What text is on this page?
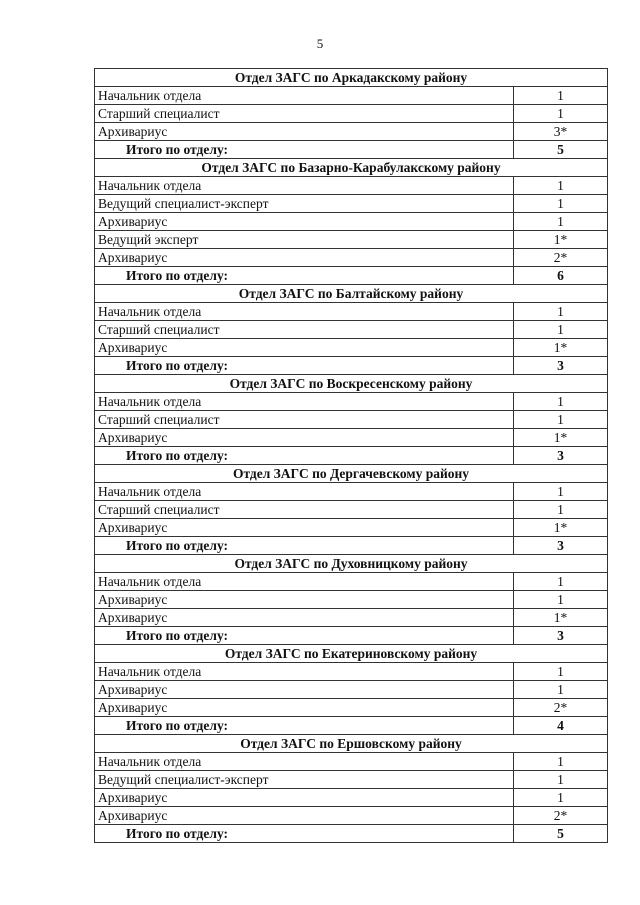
5
Отдел ЗАГС по Аркадакскому району	
Начальник отдела	1
Старший специалист	1
Архивариус	3*
Итого по отделу:	5
Отдел ЗАГС по Базарно-Карабулакскому району	
Начальник отдела	1
Ведущий специалист-эксперт	1
Архивариус	1
Ведущий эксперт	1*
Архивариус	2*
Итого по отделу:	6
Отдел ЗАГС по Балтайскому району	
Начальник отдела	1
Старший специалист	1
Архивариус	1*
Итого по отделу:	3
Отдел ЗАГС по Воскресенскому району	
Начальник отдела	1
Старший специалист	1
Архивариус	1*
Итого по отделу:	3
Отдел ЗАГС по Дергачевскому району	
Начальник отдела	1
Старший специалист	1
Архивариус	1*
Итого по отделу:	3
Отдел ЗАГС по Духовницкому району	
Начальник отдела	1
Архивариус	1
Архивариус	1*
Итого по отделу:	3
Отдел ЗАГС по Екатериновскому району	
Начальник отдела	1
Архивариус	1
Архивариус	2*
Итого по отделу:	4
Отдел ЗАГС по Ершовскому району	
Начальник отдела	1
Ведущий специалист-эксперт	1
Архивариус	1
Архивариус	2*
Итого по отделу:	5
